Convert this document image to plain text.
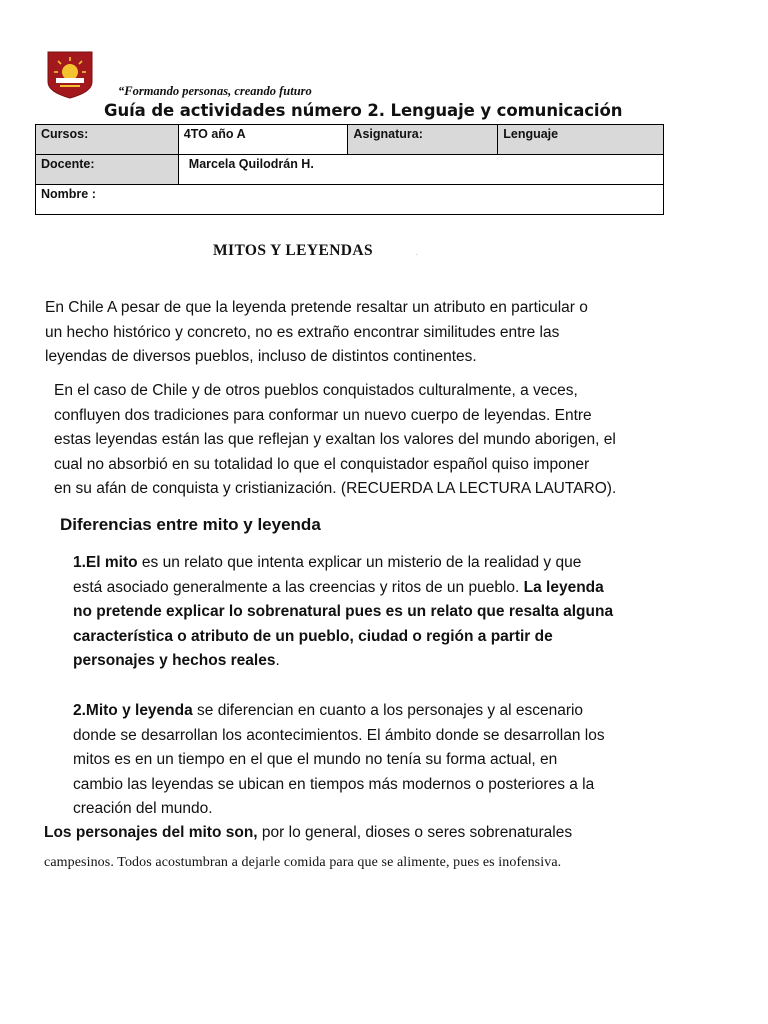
“Formando personas, creando futuro
Guía de actividades número 2. Lenguaje y comunicación
Cursos:	4TO año A	Asignatura:	Lenguaje
Docente:	Marcela Quilodrán H.		
Nombre :			
MITOS Y LEYENDAS	.
En Chile A pesar de que la leyenda pretende resaltar un atributo en particular o
un hecho histórico y concreto, no es extraño encontrar similitudes entre las
leyendas de diversos pueblos, incluso de distintos continentes.
En el caso de Chile y de otros pueblos conquistados culturalmente, a veces,
confluyen dos tradiciones para conformar un nuevo cuerpo de leyendas. Entre
estas leyendas están las que reflejan y exaltan los valores del mundo aborigen, el
cual no absorbió en su totalidad lo que el conquistador español quiso imponer
en su afán de conquista y cristianización. (RECUERDA LA LECTURA LAUTARO).
Diferencias entre mito y leyenda
1.El mito es un relato que intenta explicar un misterio de la realidad y que
está asociado generalmente a las creencias y ritos de un pueblo. La leyenda
no pretende explicar lo sobrenatural pues es un relato que resalta alguna
característica o atributo de un pueblo, ciudad o región a partir de
personajes y hechos reales.
2.Mito y leyenda se diferencian en cuanto a los personajes y al escenario
donde se desarrollan los acontecimientos. El ámbito donde se desarrollan los
mitos es en un tiempo en el que el mundo no tenía su forma actual, en
cambio las leyendas se ubican en tiempos más modernos o posteriores a la
creación del mundo.
Los personajes del mito son, por lo general, dioses o seres sobrenaturales
campesinos. Todos acostumbran a dejarle comida para que se alimente, pues es inofensiva.
